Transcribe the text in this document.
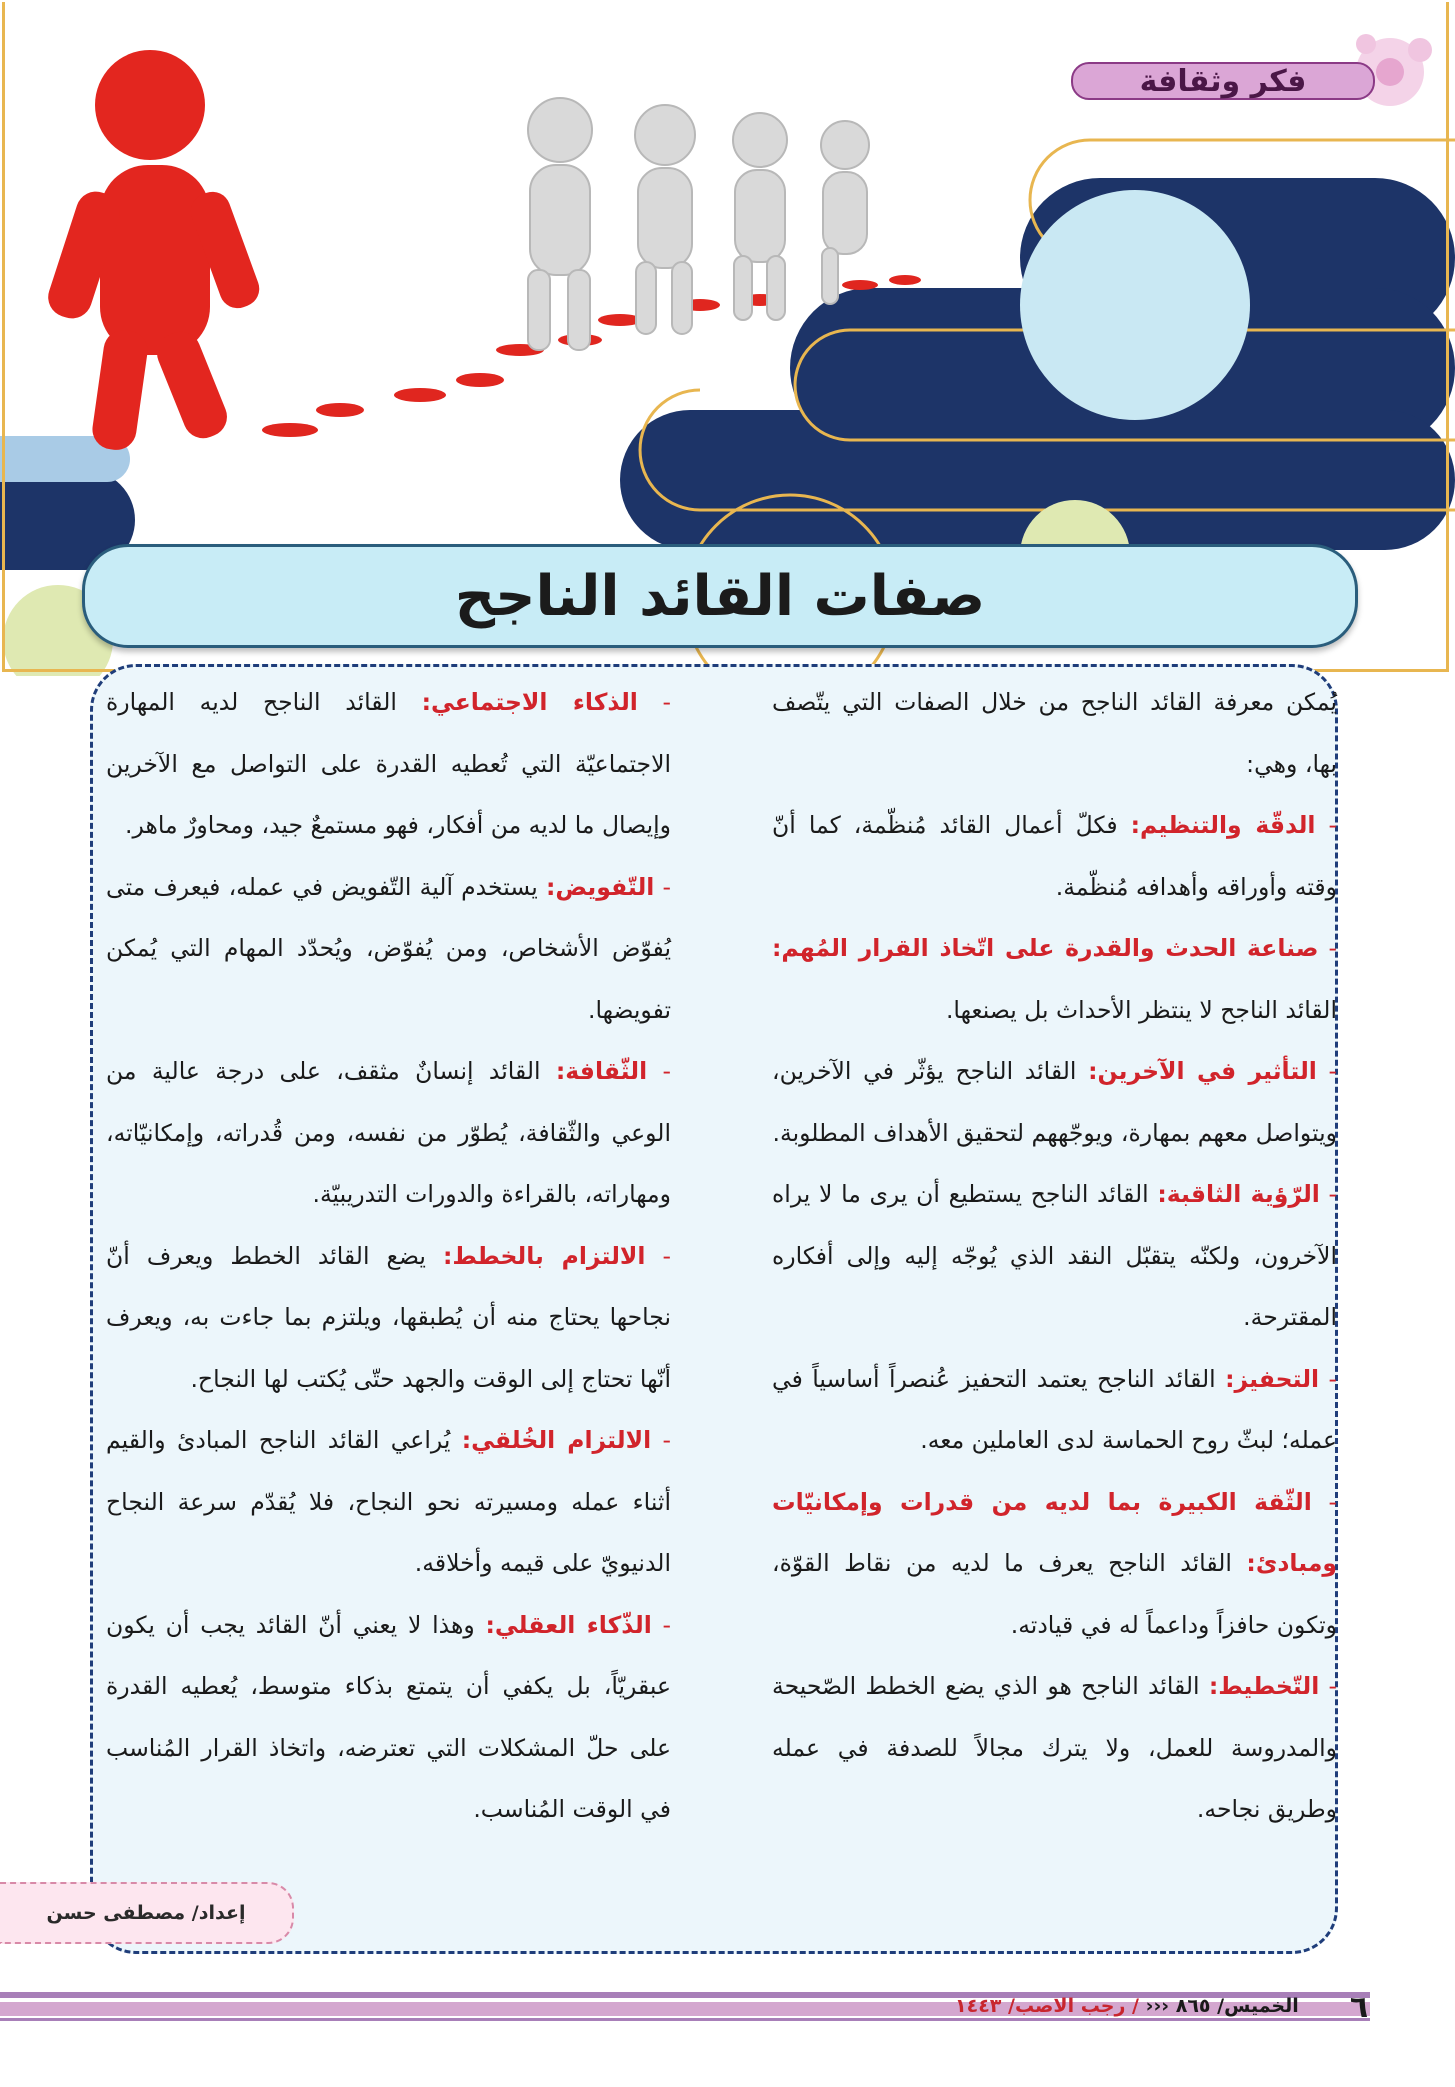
فكر وثقافة
صفات القائد الناجح

يُمكن معرفة القائد الناجح من خلال الصفات التي يتّصف بها، وهي:

- الدقّة والتنظيم: فكلّ أعمال القائد مُنظّمة، كما أنّ وقته وأوراقه وأهدافه مُنظّمة.

- صناعة الحدث والقدرة على اتّخاذ القرار المُهم: القائد الناجح لا ينتظر الأحداث بل يصنعها.

- التأثير في الآخرين: القائد الناجح يؤثّر في الآخرين، ويتواصل معهم بمهارة، ويوجّههم لتحقيق الأهداف المطلوبة.

- الرّؤية الثاقبة: القائد الناجح يستطيع أن يرى ما لا يراه الآخرون، ولكنّه يتقبّل النقد الذي يُوجّه إليه وإلى أفكاره المقترحة.

- التحفيز: القائد الناجح يعتمد التحفيز عُنصراً أساسياً في عمله؛ لبثّ روح الحماسة لدى العاملين معه.

- الثّقة الكبيرة بما لديه من قدرات وإمكانيّات ومبادئ: القائد الناجح يعرف ما لديه من نقاط القوّة، وتكون حافزاً وداعماً له في قيادته.

- التّخطيط: القائد الناجح هو الذي يضع الخطط الصّحيحة والمدروسة للعمل، ولا يترك مجالاً للصدفة في عمله وطريق نجاحه.

- الذكاء الاجتماعي: القائد الناجح لديه المهارة الاجتماعيّة التي تُعطيه القدرة على التواصل مع الآخرين وإيصال ما لديه من أفكار، فهو مستمعٌ جيد، ومحاورٌ ماهر.

- التّفويض: يستخدم آلية التّفويض في عمله، فيعرف متى يُفوّض الأشخاص، ومن يُفوّض، ويُحدّد المهام التي يُمكن تفويضها.

- الثّقافة: القائد إنسانٌ مثقف، على درجة عالية من الوعي والثّقافة، يُطوّر من نفسه، ومن قُدراته، وإمكانيّاته، ومهاراته، بالقراءة والدورات التدريبيّة.

- الالتزام بالخطط: يضع القائد الخطط ويعرف أنّ نجاحها يحتاج منه أن يُطبقها، ويلتزم بما جاءت به، ويعرف أنّها تحتاج إلى الوقت والجهد حتّى يُكتب لها النجاح.

- الالتزام الخُلقي: يُراعي القائد الناجح المبادئ والقيم أثناء عمله ومسيرته نحو النجاح، فلا يُقدّم سرعة النجاح الدنيويّ على قيمه وأخلاقه.

- الذّكاء العقلي: وهذا لا يعني أنّ القائد يجب أن يكون عبقريّاً، بل يكفي أن يتمتع بذكاء متوسط، يُعطيه القدرة على حلّ المشكلات التي تعترضه، واتخاذ القرار المُناسب في الوقت المُناسب.

إعداد/ مصطفى حسن
الخميس/ ٨٦٥ ‹‹‹ / رجب الاصب/ ١٤٤٣	٦
